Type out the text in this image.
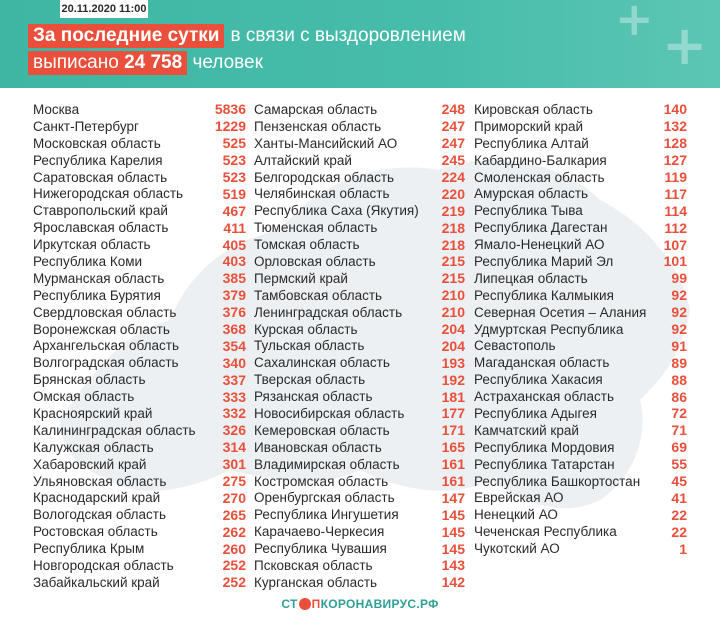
20.11.2020 11:00
За последние сутки в связи с выздоровлением
выписано 24 758 человек
+ +
Москва	5836
Санкт-Петербург	1229
Московская область	525
Республика Карелия	523
Саратовская область	523
Нижегородская область	519
Ставропольский край	467
Ярославская область	411
Иркутская область	405
Республика Коми	403
Мурманская область	385
Республика Бурятия	379
Свердловская область	376
Воронежская область	368
Архангельская область	354
Волгоградская область	340
Брянская область	337
Омская область	333
Красноярский край	332
Калининградская область 326
Калужская область	314
Хабаровский край	301
Ульяновская область	275
Краснодарский край	270
Вологодская область	265
Ростовская область	262
Республика Крым	260
Новгородская область	252
Забайкальский край	252
Самарская область	248
Пензенская область	247
Ханты-Мансийский АО	247
Алтайский край	245
Белгородская область	224
Челябинская область	220
Республика Саха (Якутия) 219
Тюменская область	218
Томская область	218
Орловская область	215
Пермский край	215
Тамбовская область	210
Ленинградская область	210
Курская область	204
Тульская область	204
Сахалинская область	193
Тверская область	192
Рязанская область	181
Новосибирская область	177
Кемеровская область	171
Ивановская область	165
Владимирская область	161
Костромская область	161
Оренбургская область	147
Республика Ингушетия	145
Карачаево-Черкесия	145
Республика Чувашия	145
Псковская область	143
Курганская область	142
Кировская область	140
Приморский край	132
Республика Алтай	128
Кабардино-Балкария	127
Смоленская область	119
Амурская область	117
Республика Тыва	114
Республика Дагестан	112
Ямало-Ненецкий АО	107
Республика Марий Эл	101
Липецкая область	99
Республика Калмыкия	92
Северная Осетия – Алания 92
Удмуртская Республика	92
Севастополь	91
Магаданская область	89
Республика Хакасия	88
Астраханская область	86
Республика Адыгея	72
Камчатский край	71
Республика Мордовия	69
Республика Татарстан	55
Республика Башкортостан 45
Еврейская АО	41
Ненецкий АО	22
Чеченская Республика	22
Чукотский АО	1
СТ ПКОРОНАВИРУС.РФ
